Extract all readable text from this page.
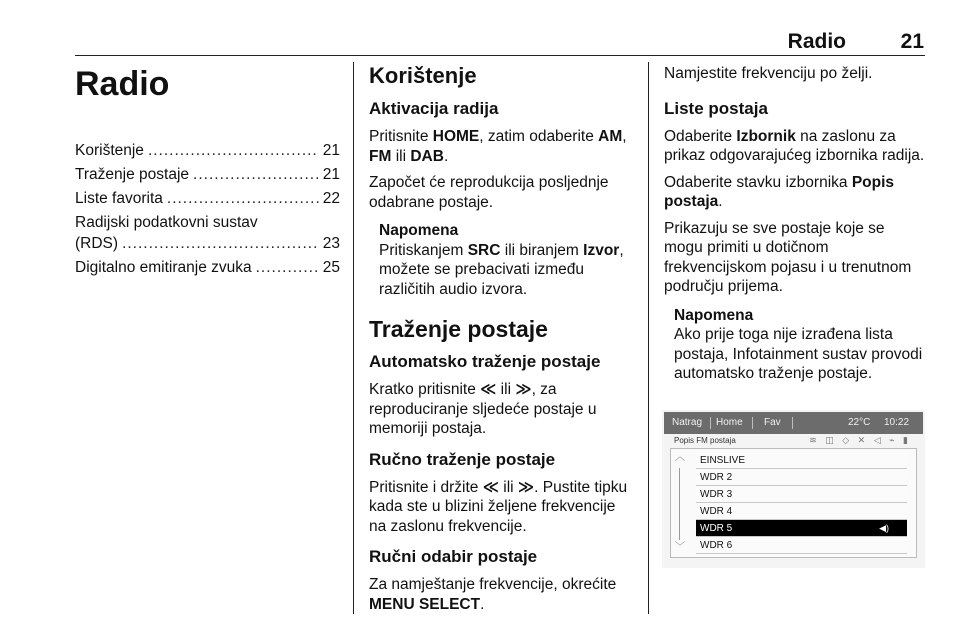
Radio	21
Radio
Korištenje .....	21
Traženje postaje .....	21
Liste favorita .....	22
Radijski podatkovni sustav
(RDS) .....	23
Digitalno emitiranje zvuka .....	25
Korištenje
Aktivacija radija

Pritisnite HOME, zatim odaberite AM,
FM ili DAB.

Započet će reprodukcija posljednje odabrane postaje.

Napomena
Pritiskanjem SRC ili biranjem Izvor,
možete se prebacivati između različitih audio izvora.
Traženje postaje
Automatsko traženje postaje

Kratko pritisnite ≪ ili ≫, za reproduciranje sljedeće postaje u memoriji postaja.

Ručno traženje postaje

Pritisnite i držite ≪ ili ≫. Pustite tipku kada ste u blizini željene frekvencije na zaslonu frekvencije.

Ručni odabir postaje

Za namještanje frekvencije, okrećite MENU SELECT.

Namjestite frekvenciju po želji.

Liste postaja

Odaberite Izbornik na zaslonu za prikaz odgovarajućeg izbornika radija.

Odaberite stavku izbornika Popis postaja.

Prikazuju se sve postaje koje se mogu primiti u dotičnom frekvencijskom pojasu i u trenutnom području prijema.

Napomena
Ako prije toga nije izrađena lista postaja, Infotainment sustav provodi automatsko traženje postaje.
Natrag Home Fav	22°C 10:22
Popis FM postaja	≋ ◫ ◇ ✕ ◁ ⌁ ▮
︿
﹀
EINSLIVE
WDR 2
WDR 3
WDR 4
WDR 5	◀)
WDR 6
